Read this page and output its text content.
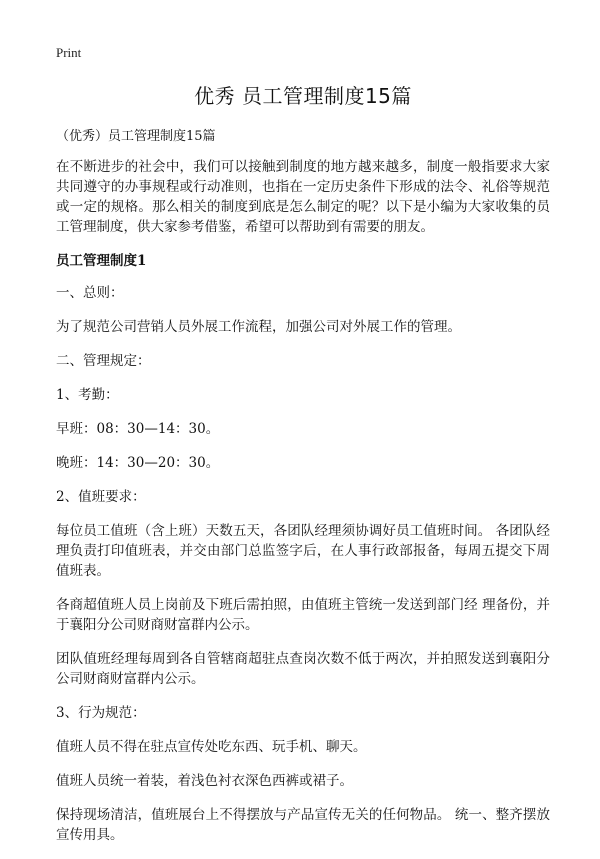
Print
优秀 员工管理制度15篇
（优秀）员工管理制度15篇

在不断进步的社会中，我们可以接触到制度的地方越来越多，制度一般指要求大家共同遵守的办事规程或行动准则，也指在一定历史条件下形成的法令、礼俗等规范或一定的规格。那么相关的制度到底是怎么制定的呢？以下是小编为大家收集的员工管理制度，供大家参考借鉴，希望可以帮助到有需要的朋友。

员工管理制度1

一、总则：

为了规范公司营销人员外展工作流程，加强公司对外展工作的管理。

二、管理规定：

1、考勤：

早班：08：30—14：30。

晚班：14：30—20：30。

2、值班要求：

每位员工值班（含上班）天数五天，各团队经理须协调好员工值班时间。 各团队经理负责打印值班表，并交由部门总监签字后，在人事行政部报备，每周五提交下周值班表。

各商超值班人员上岗前及下班后需拍照，由值班主管统一发送到部门经 理备份，并于襄阳分公司财商财富群内公示。

团队值班经理每周到各自管辖商超驻点查岗次数不低于两次，并拍照发送到襄阳分公司财商财富群内公示。

3、行为规范：

值班人员不得在驻点宣传处吃东西、玩手机、聊天。

值班人员统一着装，着浅色衬衣深色西裤或裙子。

保持现场清洁，值班展台上不得摆放与产品宣传无关的任何物品。 统一、整齐摆放宣传用具。
